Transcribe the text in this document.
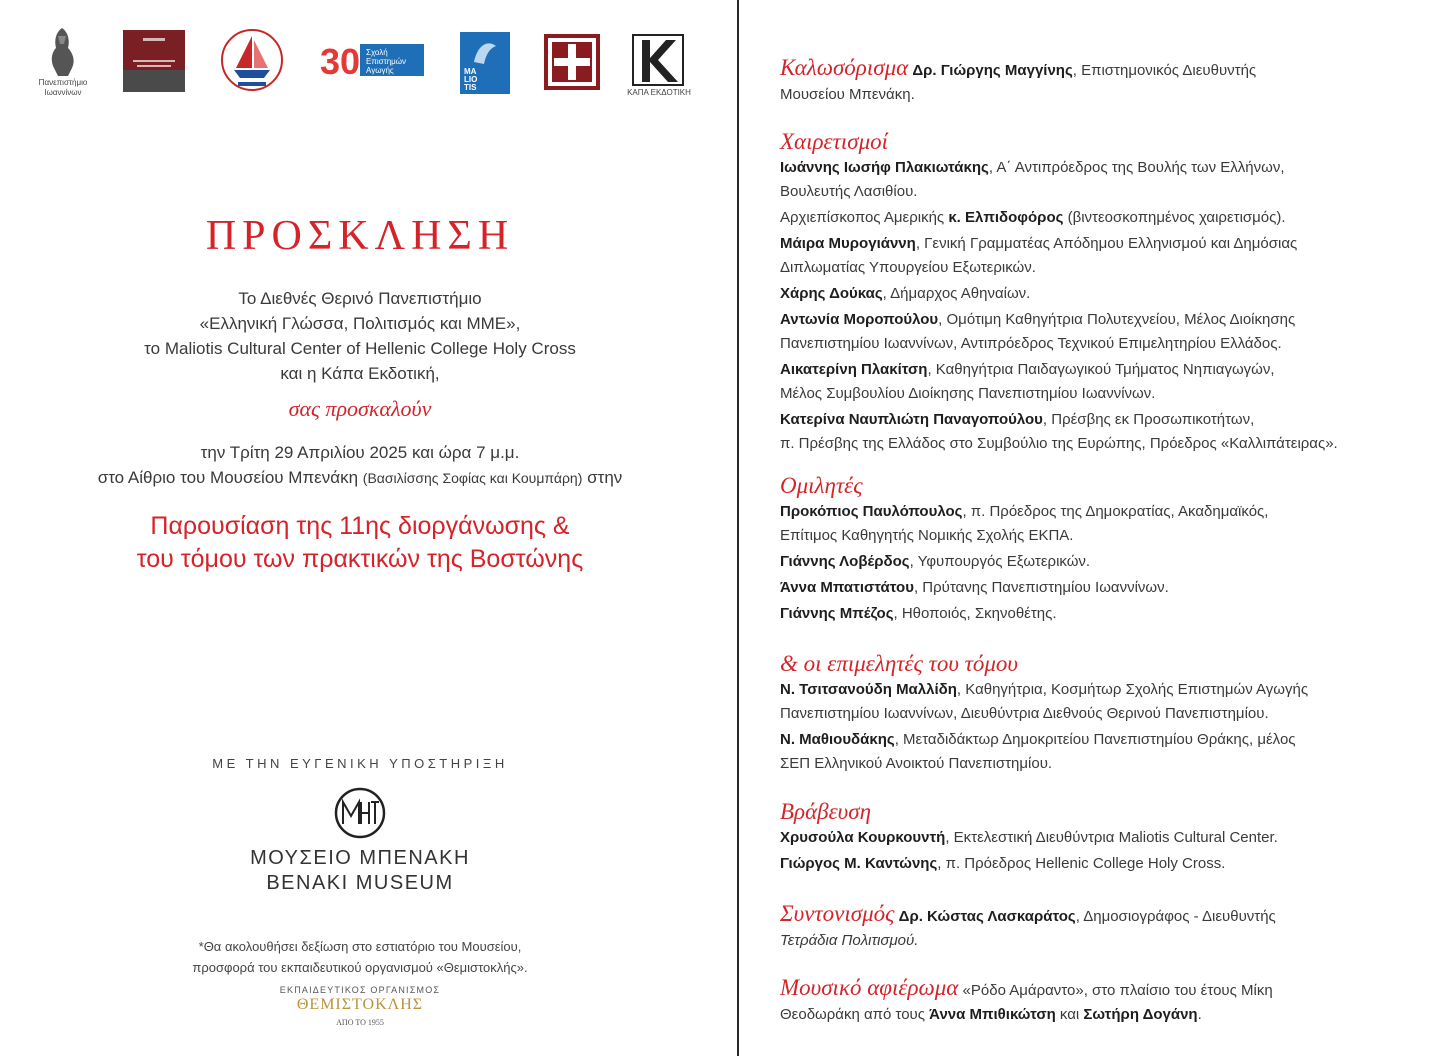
Πανεπιστήμιο Ιωαννίνων
30 Σχολή
Επιστημών
Αγωγής	MA
LIO
TIS
ΚΑΠΑ ΕΚΔΟΤΙΚΗ
ΠΡΟΣΚΛΗΣΗ
Το Διεθνές Θερινό Πανεπιστήμιο
«Ελληνική Γλώσσα, Πολιτισμός και ΜΜΕ»,
το Maliotis Cultural Center of Hellenic College Holy Cross
και η Κάπα Εκδοτική,
σας προσκαλούν
την Τρίτη 29 Απριλίου 2025 και ώρα 7 μ.μ.
στο Αίθριο του Μουσείου Μπενάκη (Βασιλίσσης Σοφίας και Κουμπάρη) στην
Παρουσίαση της 11ης διοργάνωσης &
του τόμου των πρακτικών της Βοστώνης
ΜΕ ΤΗΝ ΕΥΓΕΝΙΚΗ ΥΠΟΣΤΗΡΙΞΗ
ΜΟΥΣΕΙΟ ΜΠΕΝΑΚΗ
BENAKI MUSEUM
*Θα ακολουθήσει δεξίωση στο εστιατόριο του Μουσείου,
προσφορά του εκπαιδευτικού οργανισμού «Θεμιστοκλής».
ΕΚΠΑΙΔΕΥΤΙΚΟΣ ΟΡΓΑΝΙΣΜΟΣ
ΘΕΜΙΣΤΟΚΛΗΣ
ΑΠΟ ΤΟ 1955
Καλωσόρισμα Δρ. Γιώργης Μαγγίνης, Επιστημονικός Διευθυντής
Μουσείου Μπενάκη.
Χαιρετισμοί
Ιωάννης Ιωσήφ Πλακιωτάκης, Α΄ Αντιπρόεδρος της Βουλής των Ελλήνων,
Βουλευτής Λασιθίου.
Αρχιεπίσκοπος Αμερικής κ. Ελπιδοφόρος (βιντεοσκοπημένος χαιρετισμός).
Μάιρα Μυρογιάννη, Γενική Γραμματέας Απόδημου Ελληνισμού και Δημόσιας
Διπλωματίας Υπουργείου Εξωτερικών.
Χάρης Δούκας, Δήμαρχος Αθηναίων.
Αντωνία Μοροπούλου, Ομότιμη Καθηγήτρια Πολυτεχνείου, Μέλος Διοίκησης
Πανεπιστημίου Ιωαννίνων, Αντιπρόεδρος Τεχνικού Επιμελητηρίου Ελλάδος.
Αικατερίνη Πλακίτση, Καθηγήτρια Παιδαγωγικού Τμήματος Νηπιαγωγών,
Μέλος Συμβουλίου Διοίκησης Πανεπιστημίου Ιωαννίνων.
Κατερίνα Ναυπλιώτη Παναγοπούλου, Πρέσβης εκ Προσωπικοτήτων,
π. Πρέσβης της Ελλάδος στο Συμβούλιο της Ευρώπης, Πρόεδρος «Καλλιπάτειρας».
Ομιλητές
Προκόπιος Παυλόπουλος, π. Πρόεδρος της Δημοκρατίας, Ακαδημαϊκός,
Επίτιμος Καθηγητής Νομικής Σχολής ΕΚΠΑ.
Γιάννης Λοβέρδος, Υφυπουργός Εξωτερικών.
Άννα Μπατιστάτου, Πρύτανης Πανεπιστημίου Ιωαννίνων.
Γιάννης Μπέζος, Ηθοποιός, Σκηνοθέτης.
& οι επιμελητές του τόμου
Ν. Τσιτσανούδη Μαλλίδη, Καθηγήτρια, Κοσμήτωρ Σχολής Επιστημών Αγωγής
Πανεπιστημίου Ιωαννίνων, Διευθύντρια Διεθνούς Θερινού Πανεπιστημίου.
Ν. Μαθιουδάκης, Μεταδιδάκτωρ Δημοκριτείου Πανεπιστημίου Θράκης, μέλος
ΣΕΠ Ελληνικού Ανοικτού Πανεπιστημίου.
Βράβευση
Χρυσούλα Κουρκουντή, Εκτελεστική Διευθύντρια Maliotis Cultural Center.
Γιώργος Μ. Καντώνης, π. Πρόεδρος Hellenic College Holy Cross.
Συντονισμός Δρ. Κώστας Λασκαράτος, Δημοσιογράφος - Διευθυντής
Τετράδια Πολιτισμού.
Μουσικό αφιέρωμα «Ρόδο Αμάραντο», στο πλαίσιο του έτους Μίκη
Θεοδωράκη από τους Άννα Μπιθικώτση και Σωτήρη Δογάνη.
